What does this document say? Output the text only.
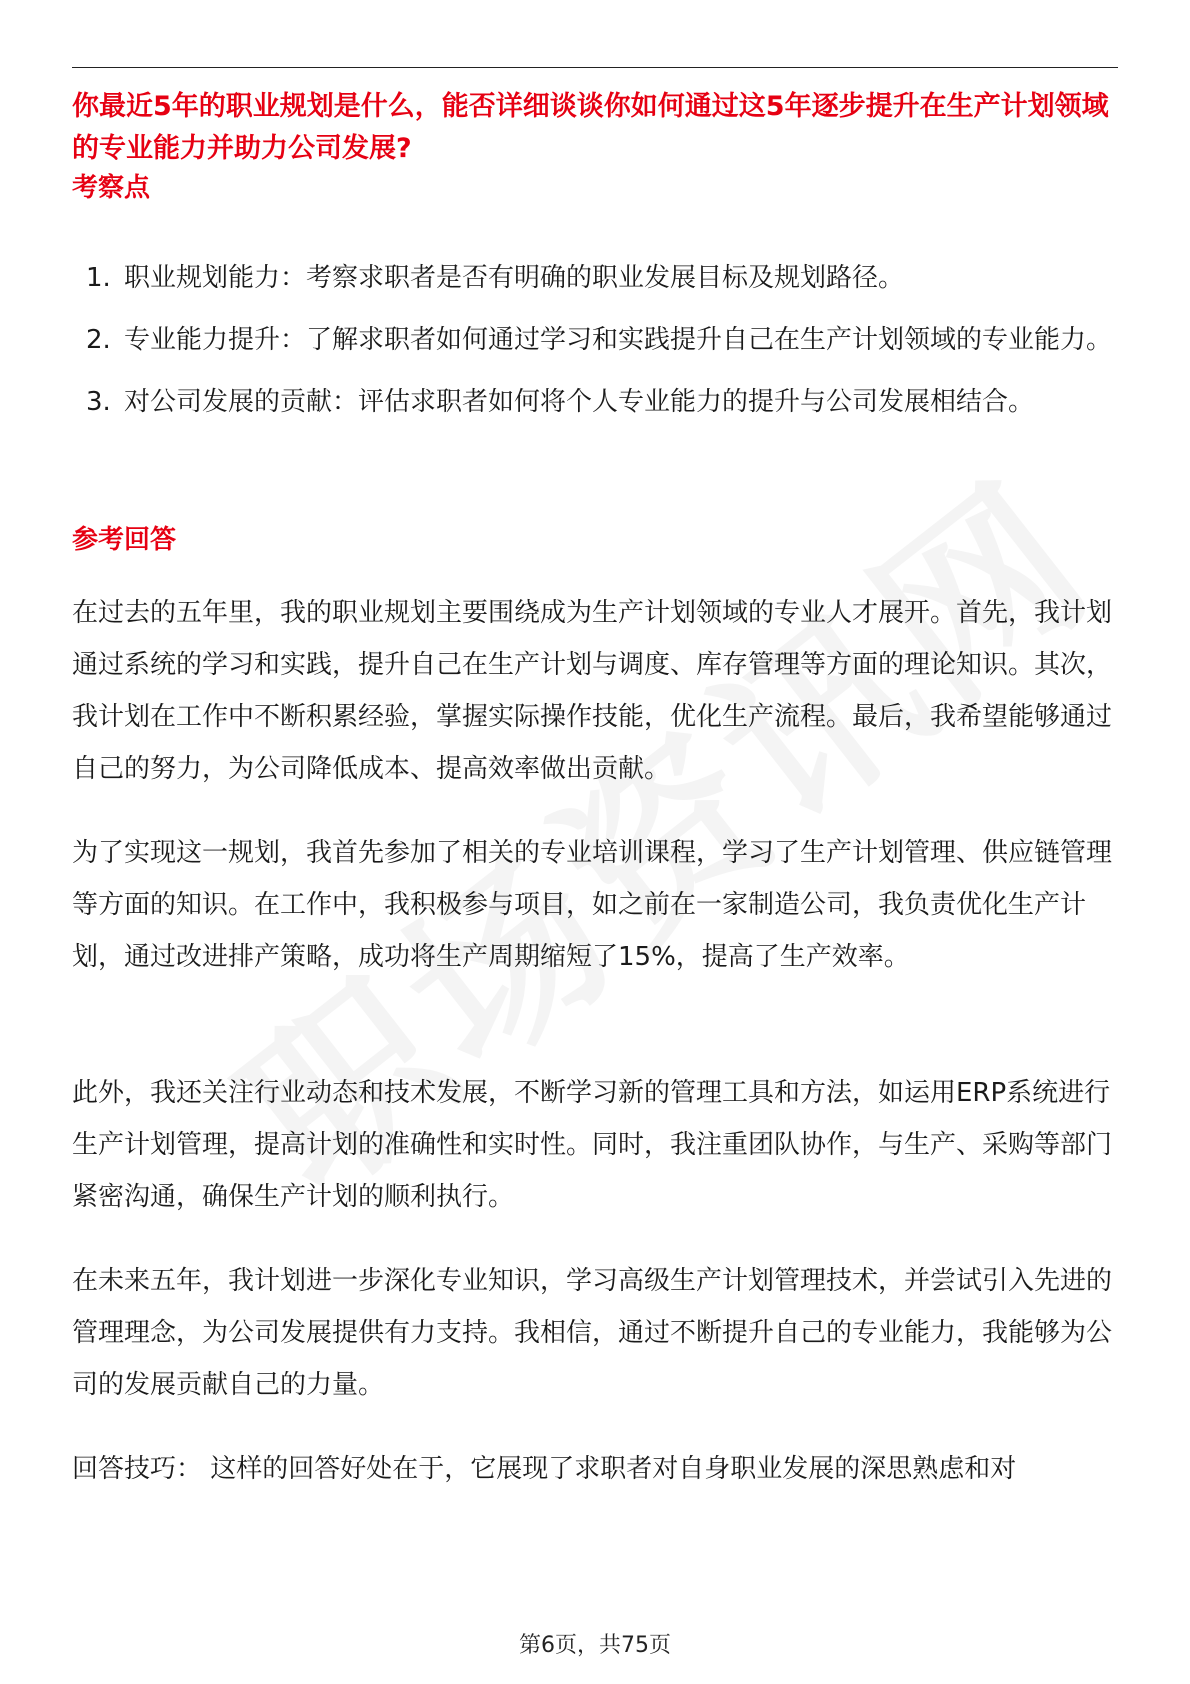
你最近5年的职业规划是什么，能否详细谈谈你如何通过这5年逐步提升在生产计划领域的专业能力并助力公司发展?
考察点
1. 职业规划能力：考察求职者是否有明确的职业发展目标及规划路径。
2. 专业能力提升：了解求职者如何通过学习和实践提升自己在生产计划领域的专业能力。
3. 对公司发展的贡献：评估求职者如何将个人专业能力的提升与公司发展相结合。
参考回答

在过去的五年里，我的职业规划主要围绕成为生产计划领域的专业人才展开。首先，我计划通过系统的学习和实践，提升自己在生产计划与调度、库存管理等方面的理论知识。其次，我计划在工作中不断积累经验，掌握实际操作技能，优化生产流程。最后，我希望能够通过自己的努力，为公司降低成本、提高效率做出贡献。

为了实现这一规划，我首先参加了相关的专业培训课程，学习了生产计划管理、供应链管理等方面的知识。在工作中，我积极参与项目，如之前在一家制造公司，我负责优化生产计划，通过改进排产策略，成功将生产周期缩短了15%，提高了生产效率。

此外，我还关注行业动态和技术发展，不断学习新的管理工具和方法，如运用ERP系统进行生产计划管理，提高计划的准确性和实时性。同时，我注重团队协作，与生产、采购等部门紧密沟通，确保生产计划的顺利执行。

在未来五年，我计划进一步深化专业知识，学习高级生产计划管理技术，并尝试引入先进的管理理念，为公司发展提供有力支持。我相信，通过不断提升自己的专业能力，我能够为公司的发展贡献自己的力量。

回答技巧： 这样的回答好处在于，它展现了求职者对自身职业发展的深思熟虑和对

第6页，共75页
